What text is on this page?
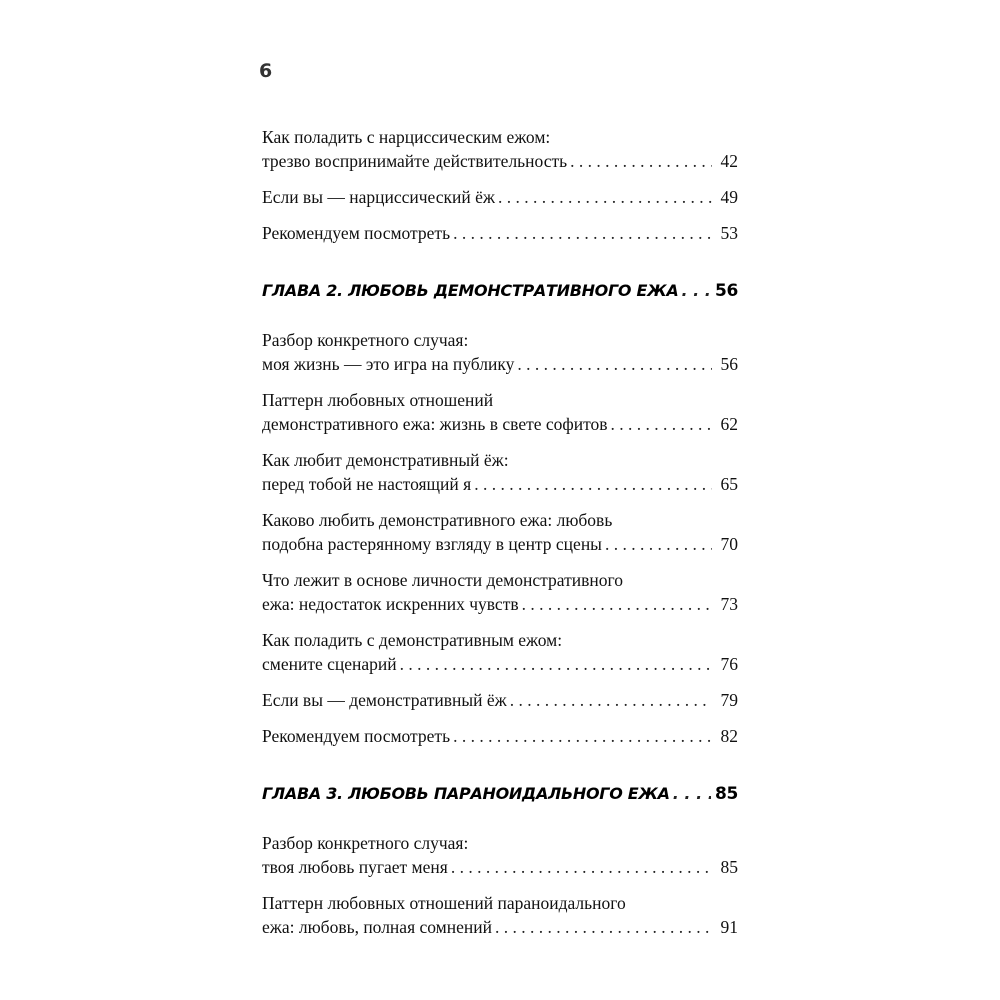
6
Как поладить с нарциссическим ежом:
трезво воспринимайте действительность . . .	42
Если вы — нарциссический ёж . . .	49
Рекомендуем посмотреть . . .	53
ГЛАВА 2. ЛЮБОВЬ ДЕМОНСТРАТИВНОГО ЕЖА . . . 56
Разбор конкретного случая:
моя жизнь — это игра на публику . . .	56
Паттерн любовных отношений
демонстративного ежа: жизнь в свете софитов . . .	62
Как любит демонстративный ёж:
перед тобой не настоящий я . . .	65
Каково любить демонстративного ежа: любовь
подобна растерянному взгляду в центр сцены . . .	70
Что лежит в основе личности демонстративного
ежа: недостаток искренних чувств . . .	73
Как поладить с демонстративным ежом:
смените сценарий . . .	76
Если вы — демонстративный ёж . . .	79
Рекомендуем посмотреть . . .	82
ГЛАВА 3. ЛЮБОВЬ ПАРАНОИДАЛЬНОГО ЕЖА . . .	85
Разбор конкретного случая:
твоя любовь пугает меня . . .	85
Паттерн любовных отношений параноидального
ежа: любовь, полная сомнений . . .	91
